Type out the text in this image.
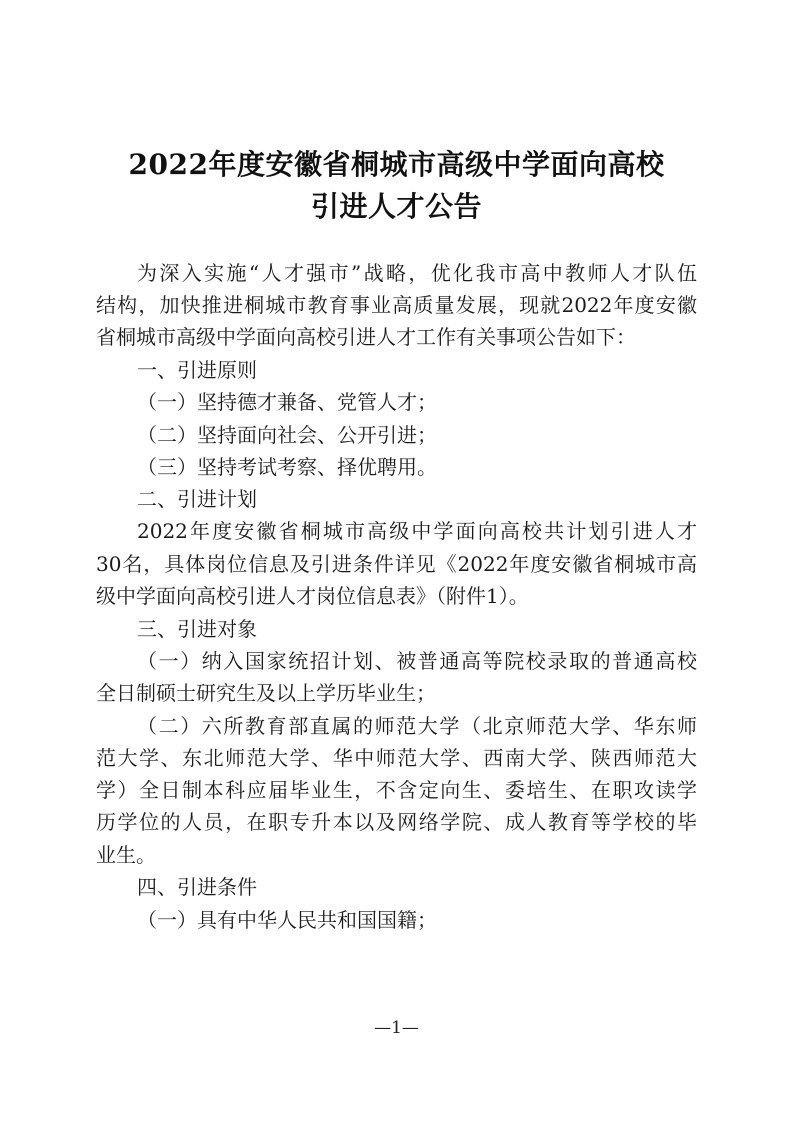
2022年度安徽省桐城市高级中学面向高校
引进人才公告
为深入实施“人才强市”战略，优化我市高中教师人才队伍
结构，加快推进桐城市教育事业高质量发展，现就2022年度安徽
省桐城市高级中学面向高校引进人才工作有关事项公告如下：
一、引进原则
（一）坚持德才兼备、党管人才；
（二）坚持面向社会、公开引进；
（三）坚持考试考察、择优聘用。
二、引进计划
2022年度安徽省桐城市高级中学面向高校共计划引进人才
30名，具体岗位信息及引进条件详见《2022年度安徽省桐城市高
级中学面向高校引进人才岗位信息表》（附件1）。
三、引进对象
（一）纳入国家统招计划、被普通高等院校录取的普通高校
全日制硕士研究生及以上学历毕业生；
（二）六所教育部直属的师范大学（北京师范大学、华东师
范大学、东北师范大学、华中师范大学、西南大学、陕西师范大
学）全日制本科应届毕业生，不含定向生、委培生、在职攻读学
历学位的人员，在职专升本以及网络学院、成人教育等学校的毕
业生。
四、引进条件
（一）具有中华人民共和国国籍；
—1—
